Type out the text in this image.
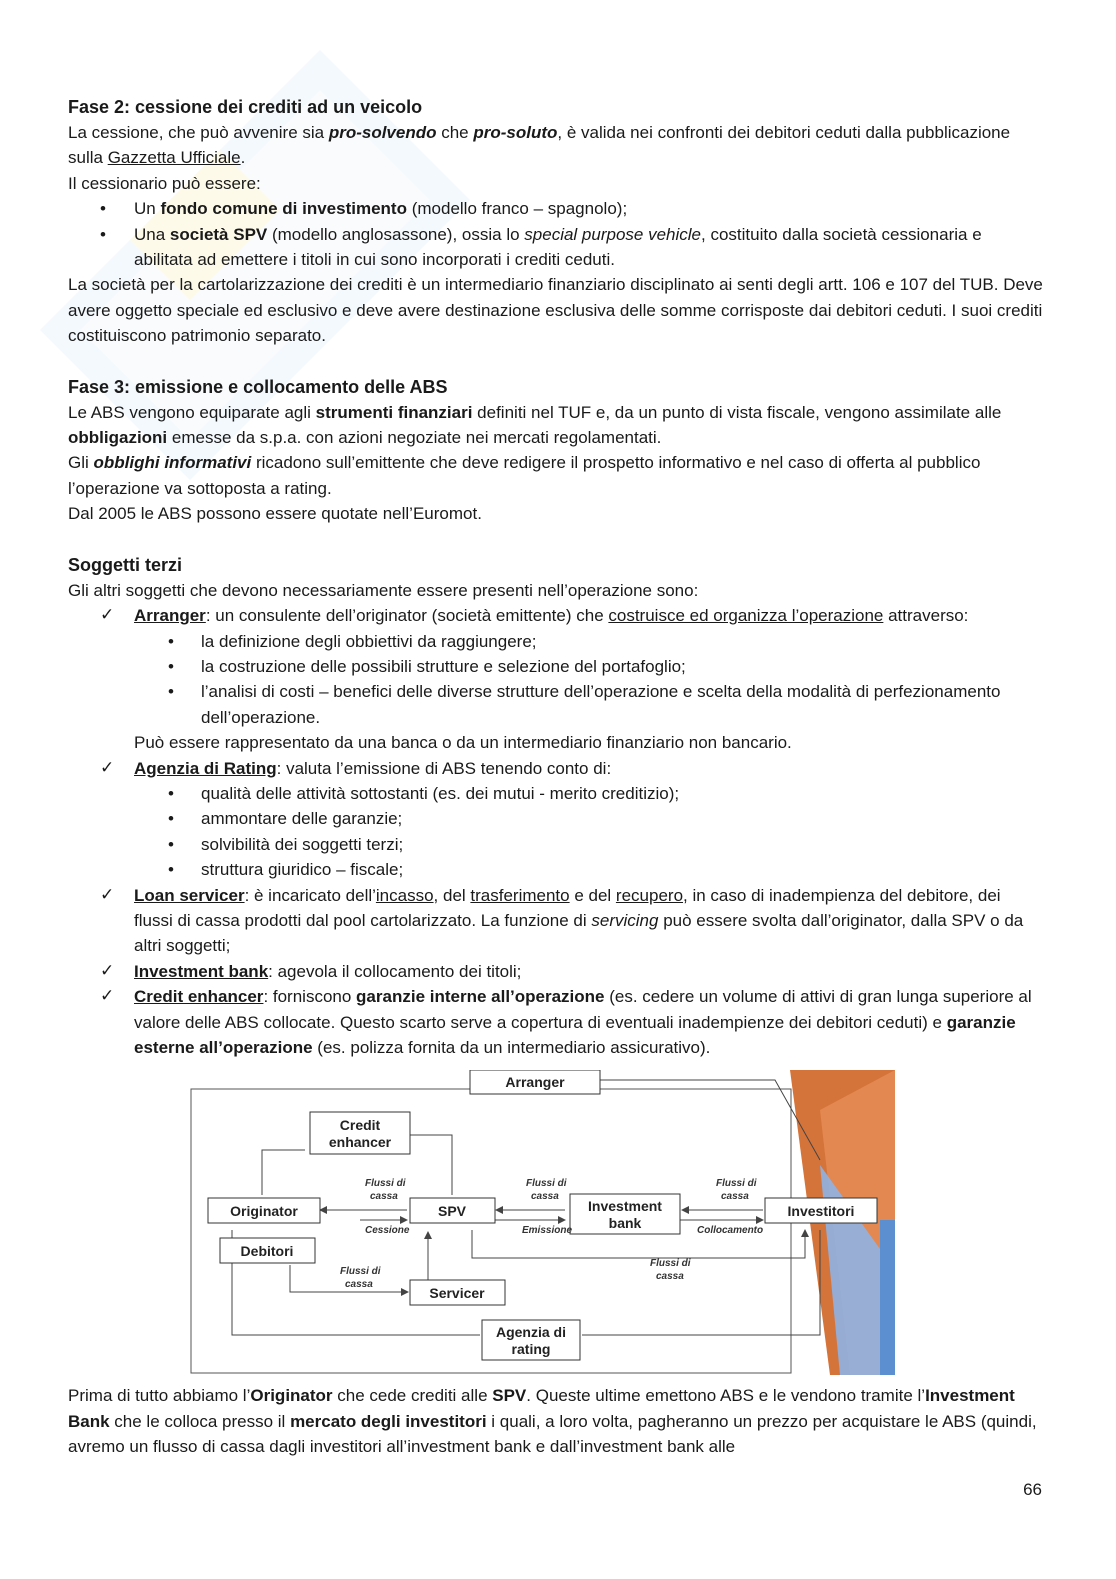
Fase 2: cessione dei crediti ad un veicolo

La cessione, che può avvenire sia pro-solvendo che pro-soluto, è valida nei confronti dei debitori ceduti dalla pubblicazione sulla Gazzetta Ufficiale.

Il cessionario può essere:

• Un fondo comune di investimento (modello franco – spagnolo);
• Una società SPV (modello anglosassone), ossia lo special purpose vehicle, costituito dalla società cessionaria e abilitata ad emettere i titoli in cui sono incorporati i crediti ceduti.

La società per la cartolarizzazione dei crediti è un intermediario finanziario disciplinato ai senti degli artt. 106 e 107 del TUB. Deve avere oggetto speciale ed esclusivo e deve avere destinazione esclusiva delle somme corrisposte dai debitori ceduti. I suoi crediti costituiscono patrimonio separato.

Fase 3: emissione e collocamento delle ABS

Le ABS vengono equiparate agli strumenti finanziari definiti nel TUF e, da un punto di vista fiscale, vengono assimilate alle obbligazioni emesse da s.p.a. con azioni negoziate nei mercati regolamentati.

Gli obblighi informativi ricadono sull’emittente che deve redigere il prospetto informativo e nel caso di offerta al pubblico l’operazione va sottoposta a rating.

Dal 2005 le ABS possono essere quotate nell’Euromot.

Soggetti terzi

Gli altri soggetti che devono necessariamente essere presenti nell’operazione sono:

✓ Arranger: un consulente dell’originator (società emittente) che costruisce ed organizza l’operazione attraverso:
• la definizione degli obbiettivi da raggiungere;
• la costruzione delle possibili strutture e selezione del portafoglio;
• l’analisi di costi – benefici delle diverse strutture dell’operazione e scelta della modalità di perfezionamento dell’operazione.
Può essere rappresentato da una banca o da un intermediario finanziario non bancario.
✓ Agenzia di Rating: valuta l’emissione di ABS tenendo conto di:
• qualità delle attività sottostanti (es. dei mutui - merito creditizio);
• ammontare delle garanzie;
• solvibilità dei soggetti terzi;
• struttura giuridico – fiscale;
✓ Loan servicer: è incaricato dell’incasso, del trasferimento e del recupero, in caso di inadempienza del debitore, dei flussi di cassa prodotti dal pool cartolarizzato. La funzione di servicing può essere svolta dall’originator, dalla SPV o da altri soggetti;
✓ Investment bank: agevola il collocamento dei titoli;
✓ Credit enhancer: forniscono garanzie interne all’operazione (es. cedere un volume di attivi di gran lunga superiore al valore delle ABS collocate. Questo scarto serve a copertura di eventuali inadempienze dei debitori ceduti) e garanzie esterne all’operazione (es. polizza fornita da un intermediario assicurativo).
Arranger
Credit
enhancer
Originator
Debitori
SPV	Investment
bank
Investitori
Servicer
Agenzia di
rating
Flussi di
cassa
Cessione
Flussi di
cassa
Emissione
Flussi di
cassa
Collocamento
Flussi di
cassa
Flussi di
cassa

Prima di tutto abbiamo l’Originator che cede crediti alle SPV. Queste ultime emettono ABS e le vendono tramite l’Investment Bank che le colloca presso il mercato degli investitori i quali, a loro volta, pagheranno un prezzo per acquistare le ABS (quindi, avremo un flusso di cassa dagli investitori all’investment bank e dall’investment bank alle

66
